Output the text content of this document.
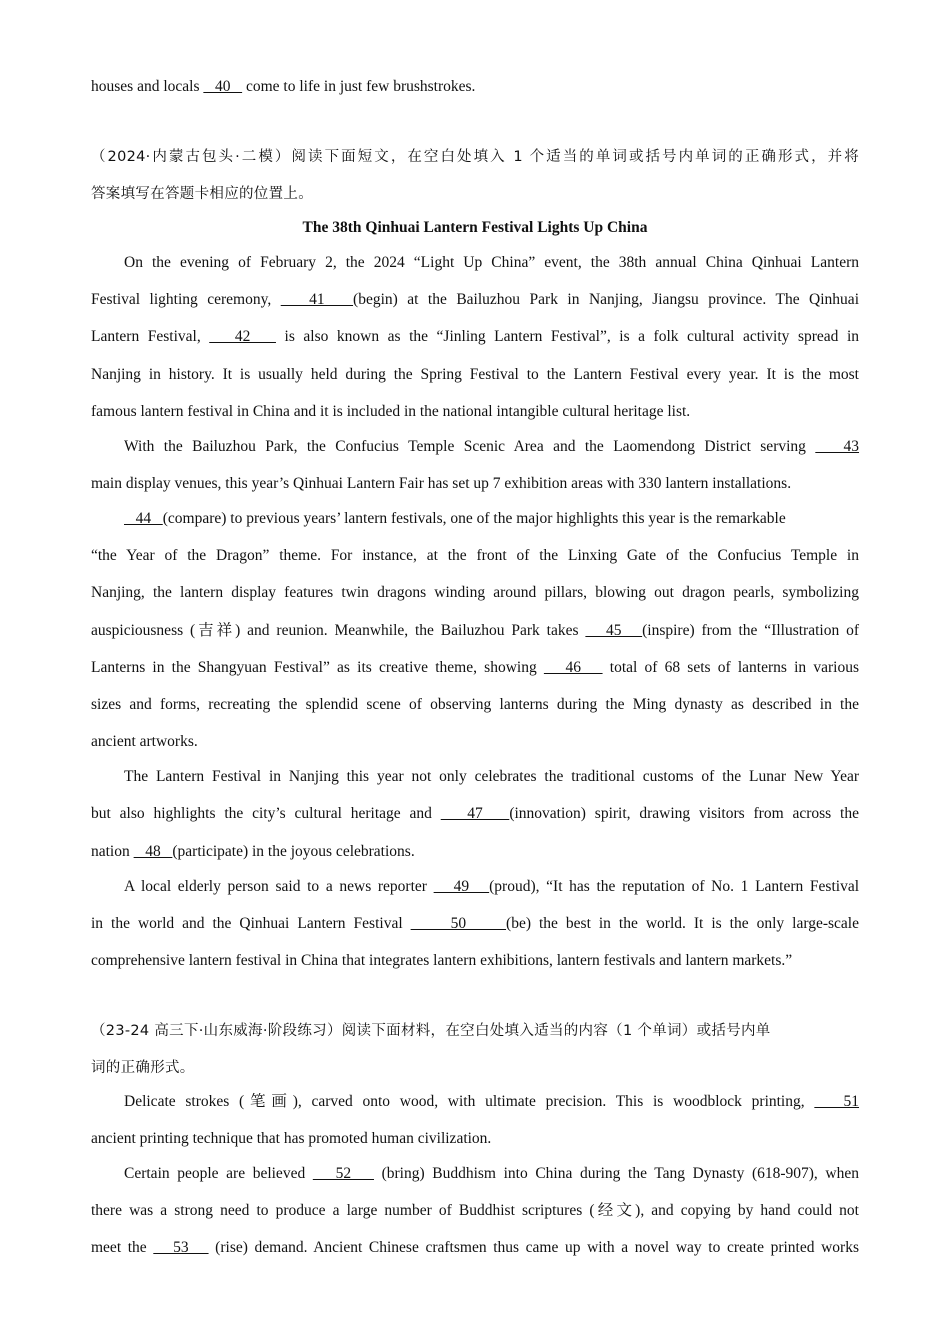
houses and locals    40    come to life in just few brushstrokes.
（2024·内蒙古包头·二模）阅读下面短文，在空白处填入 1 个适当的单词或括号内单词的正确形式，并将
答案填写在答题卡相应的位置上。
The 38th Qinhuai Lantern Festival Lights Up China
On the evening of February 2, the 2024 “Light Up China” event, the 38th annual China Qinhuai Lantern
Festival lighting ceremony,    41   (begin) at the Bailuzhou Park in Nanjing, Jiangsu province. The Qinhuai
Lantern Festival,    42    is also known as the “Jinling Lantern Festival”, is a folk cultural activity spread in
Nanjing in history. It is usually held during the Spring Festival to the Lantern Festival every year. It is the most
famous lantern festival in China and it is included in the national intangible cultural heritage list.
With the Bailuzhou Park, the Confucius Temple Scenic Area and the Laomendong District serving    43
main display venues, this year’s Qinhuai Lantern Fair has set up 7 exhibition areas with 330 lantern installations.
44   (compare) to previous years’ lantern festivals, one of the major highlights this year is the remarkable
“the Year of the Dragon” theme. For instance, at the front of the Linxing Gate of the Confucius Temple in
Nanjing, the lantern display features twin dragons winding around pillars, blowing out dragon pearls, symbolizing
auspiciousness (吉祥) and reunion. Meanwhile, the Bailuzhou Park takes    45   (inspire) from the “Illustration of
Lanterns in the Shangyuan Festival” as its creative theme, showing    46    total of 68 sets of lanterns in various
sizes and forms, recreating the splendid scene of observing lanterns during the Ming dynasty as described in the
ancient artworks.
The Lantern Festival in Nanjing this year not only celebrates the traditional customs of the Lunar New Year
but also highlights the city’s cultural heritage and    47   (innovation) spirit, drawing visitors from across the
nation    48   (participate) in the joyous celebrations.
A local elderly person said to a news reporter    49   (proud), “It has the reputation of No. 1 Lantern Festival
in the world and the Qinhuai Lantern Festival      50     (be) the best in the world. It is the only large-scale
comprehensive lantern festival in China that integrates lantern exhibitions, lantern festivals and lantern markets.”
（23-24 高三下·山东威海·阶段练习）阅读下面材料，在空白处填入适当的内容（1 个单词）或括号内单
词的正确形式。
Delicate strokes (笔画), carved onto wood, with ultimate precision. This is woodblock printing,    51
ancient printing technique that has promoted human civilization.
Certain people are believed    52    (bring) Buddhism into China during the Tang Dynasty (618-907), when
there was a strong need to produce a large number of Buddhist scriptures (经文), and copying by hand could not
meet the    53    (rise) demand. Ancient Chinese craftsmen thus came up with a novel way to create printed works
